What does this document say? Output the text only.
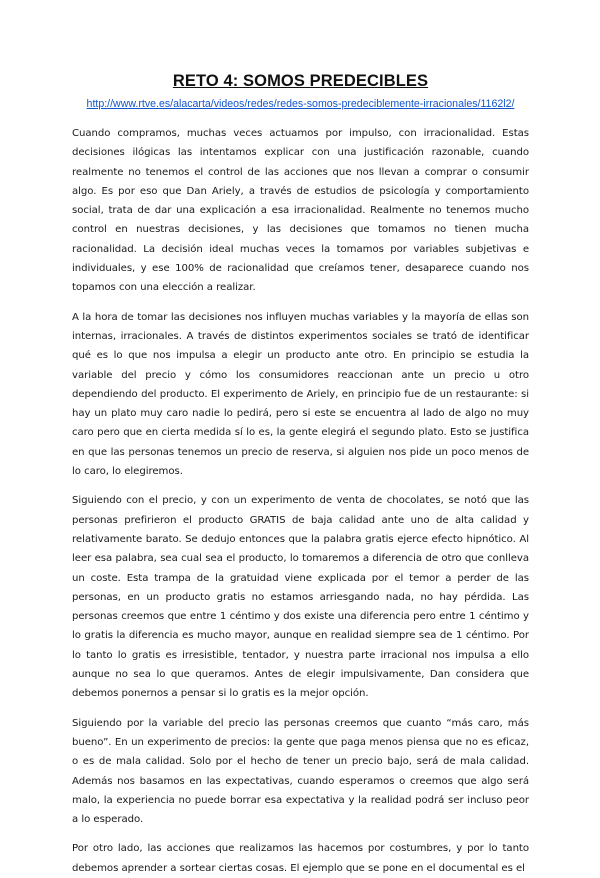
RETO 4: SOMOS PREDECIBLES
http://www.rtve.es/alacarta/videos/redes/redes-somos-predeciblemente-irracionales/1162l2/

Cuando compramos, muchas veces actuamos por impulso, con irracionalidad. Estas decisiones ilógicas las intentamos explicar con una justificación razonable, cuando realmente no tenemos el control de las acciones que nos llevan a comprar o consumir algo. Es por eso que Dan Ariely, a través de estudios de psicología y comportamiento social, trata de dar una explicación a esa irracionalidad. Realmente no tenemos mucho control en nuestras decisiones, y las decisiones que tomamos no tienen mucha racionalidad. La decisión ideal muchas veces la tomamos por variables subjetivas e individuales, y ese 100% de racionalidad que creíamos tener, desaparece cuando nos topamos con una elección a realizar.

A la hora de tomar las decisiones nos influyen muchas variables y la mayoría de ellas son internas, irracionales. A través de distintos experimentos sociales se trató de identificar qué es lo que nos impulsa a elegir un producto ante otro. En principio se estudia la variable del precio y cómo los consumidores reaccionan ante un precio u otro dependiendo del producto. El experimento de Ariely, en principio fue de un restaurante: si hay un plato muy caro nadie lo pedirá, pero si este se encuentra al lado de algo no muy caro pero que en cierta medida sí lo es, la gente elegirá el segundo plato. Esto se justifica en que las personas tenemos un precio de reserva, si alguien nos pide un poco menos de lo caro, lo elegiremos.

Siguiendo con el precio, y con un experimento de venta de chocolates, se notó que las personas prefirieron el producto GRATIS de baja calidad ante uno de alta calidad y relativamente barato. Se dedujo entonces que la palabra gratis ejerce efecto hipnótico. Al leer esa palabra, sea cual sea el producto, lo tomaremos a diferencia de otro que conlleva un coste. Esta trampa de la gratuidad viene explicada por el temor a perder de las personas, en un producto gratis no estamos arriesgando nada, no hay pérdida. Las personas creemos que entre 1 céntimo y dos existe una diferencia pero entre 1 céntimo y lo gratis la diferencia es mucho mayor, aunque en realidad siempre sea de 1 céntimo. Por lo tanto lo gratis es irresistible, tentador, y nuestra parte irracional nos impulsa a ello aunque no sea lo que queramos. Antes de elegir impulsivamente, Dan considera que debemos ponernos a pensar si lo gratis es la mejor opción.

Siguiendo por la variable del precio las personas creemos que cuanto “más caro, más bueno”. En un experimento de precios: la gente que paga menos piensa que no es eficaz, o es de mala calidad. Solo por el hecho de tener un precio bajo, será de mala calidad. Además nos basamos en las expectativas, cuando esperamos o creemos que algo será malo, la experiencia no puede borrar esa expectativa y la realidad podrá ser incluso peor a lo esperado.

Por otro lado, las acciones que realizamos las hacemos por costumbres, y por lo tanto debemos aprender a sortear ciertas cosas. El ejemplo que se pone en el documental es el
